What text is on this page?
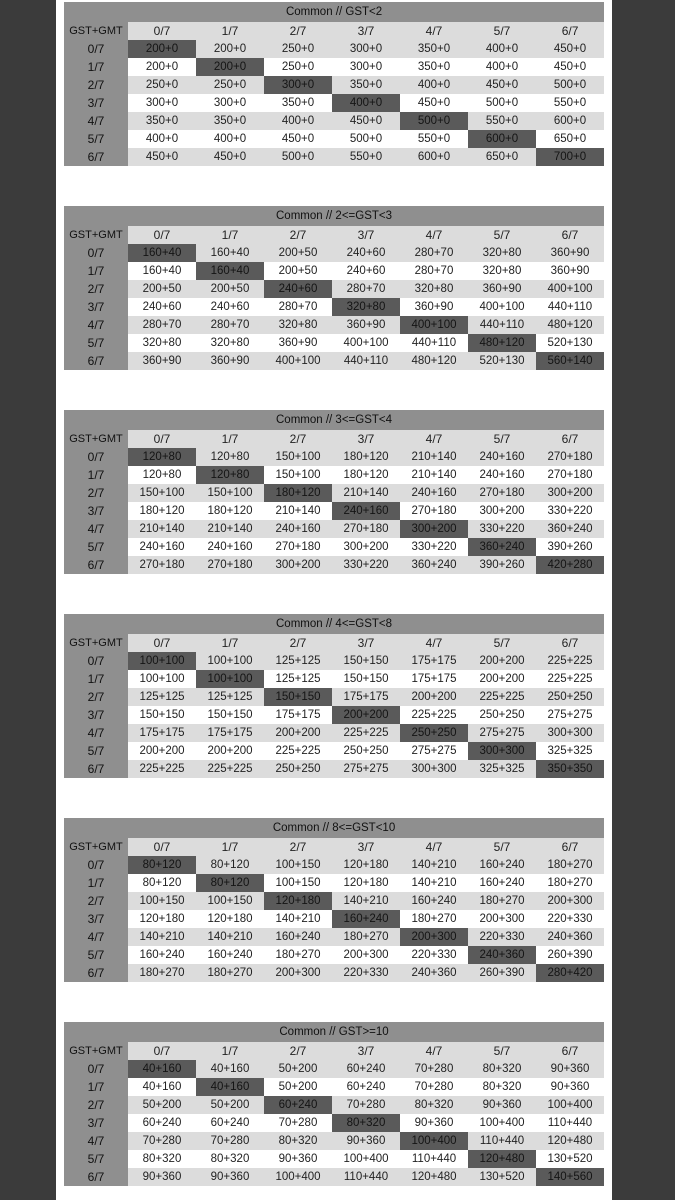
Common // GST<2							
GST+GMT	0/7	1/7	2/7	3/7	4/7	5/7	6/7
0/7	200+0	200+0	250+0	300+0	350+0	400+0	450+0
1/7	200+0	200+0	250+0	300+0	350+0	400+0	450+0
2/7	250+0	250+0	300+0	350+0	400+0	450+0	500+0
3/7	300+0	300+0	350+0	400+0	450+0	500+0	550+0
4/7	350+0	350+0	400+0	450+0	500+0	550+0	600+0
5/7	400+0	400+0	450+0	500+0	550+0	600+0	650+0
6/7	450+0	450+0	500+0	550+0	600+0	650+0	700+0
Common // 2<=GST<3							
GST+GMT	0/7	1/7	2/7	3/7	4/7	5/7	6/7
0/7	160+40	160+40	200+50	240+60	280+70	320+80	360+90
1/7	160+40	160+40	200+50	240+60	280+70	320+80	360+90
2/7	200+50	200+50	240+60	280+70	320+80	360+90	400+100
3/7	240+60	240+60	280+70	320+80	360+90	400+100	440+110
4/7	280+70	280+70	320+80	360+90	400+100	440+110	480+120
5/7	320+80	320+80	360+90	400+100	440+110	480+120	520+130
6/7	360+90	360+90	400+100	440+110	480+120	520+130	560+140
Common // 3<=GST<4							
GST+GMT	0/7	1/7	2/7	3/7	4/7	5/7	6/7
0/7	120+80	120+80	150+100	180+120	210+140	240+160	270+180
1/7	120+80	120+80	150+100	180+120	210+140	240+160	270+180
2/7	150+100	150+100	180+120	210+140	240+160	270+180	300+200
3/7	180+120	180+120	210+140	240+160	270+180	300+200	330+220
4/7	210+140	210+140	240+160	270+180	300+200	330+220	360+240
5/7	240+160	240+160	270+180	300+200	330+220	360+240	390+260
6/7	270+180	270+180	300+200	330+220	360+240	390+260	420+280
Common // 4<=GST<8							
GST+GMT	0/7	1/7	2/7	3/7	4/7	5/7	6/7
0/7	100+100	100+100	125+125	150+150	175+175	200+200	225+225
1/7	100+100	100+100	125+125	150+150	175+175	200+200	225+225
2/7	125+125	125+125	150+150	175+175	200+200	225+225	250+250
3/7	150+150	150+150	175+175	200+200	225+225	250+250	275+275
4/7	175+175	175+175	200+200	225+225	250+250	275+275	300+300
5/7	200+200	200+200	225+225	250+250	275+275	300+300	325+325
6/7	225+225	225+225	250+250	275+275	300+300	325+325	350+350
Common // 8<=GST<10							
GST+GMT	0/7	1/7	2/7	3/7	4/7	5/7	6/7
0/7	80+120	80+120	100+150	120+180	140+210	160+240	180+270
1/7	80+120	80+120	100+150	120+180	140+210	160+240	180+270
2/7	100+150	100+150	120+180	140+210	160+240	180+270	200+300
3/7	120+180	120+180	140+210	160+240	180+270	200+300	220+330
4/7	140+210	140+210	160+240	180+270	200+300	220+330	240+360
5/7	160+240	160+240	180+270	200+300	220+330	240+360	260+390
6/7	180+270	180+270	200+300	220+330	240+360	260+390	280+420
Common // GST>=10							
GST+GMT	0/7	1/7	2/7	3/7	4/7	5/7	6/7
0/7	40+160	40+160	50+200	60+240	70+280	80+320	90+360
1/7	40+160	40+160	50+200	60+240	70+280	80+320	90+360
2/7	50+200	50+200	60+240	70+280	80+320	90+360	100+400
3/7	60+240	60+240	70+280	80+320	90+360	100+400	110+440
4/7	70+280	70+280	80+320	90+360	100+400	110+440	120+480
5/7	80+320	80+320	90+360	100+400	110+440	120+480	130+520
6/7	90+360	90+360	100+400	110+440	120+480	130+520	140+560
